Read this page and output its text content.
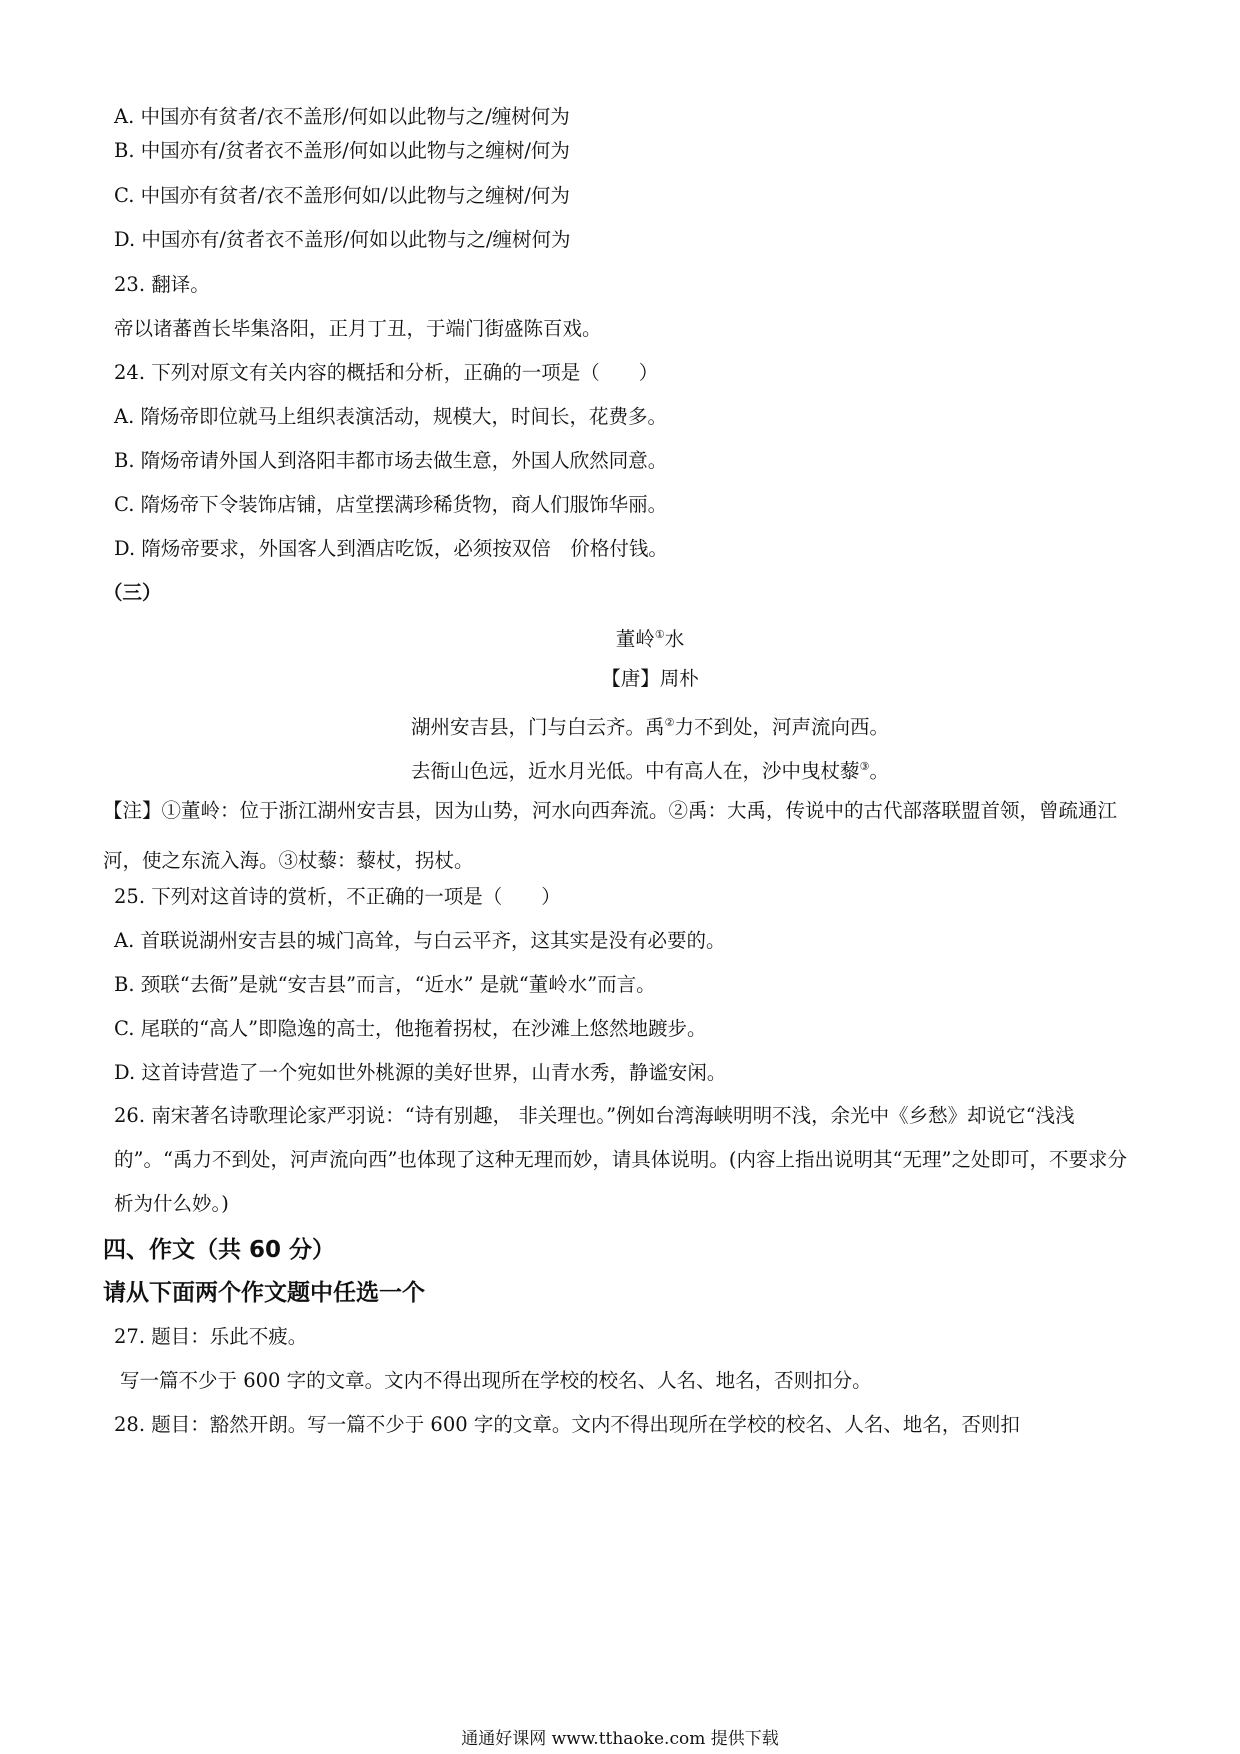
A. 中国亦有贫者/衣不盖形/何如以此物与之/缠树何为
B. 中国亦有/贫者衣不盖形/何如以此物与之缠树/何为
C. 中国亦有贫者/衣不盖形何如/以此物与之缠树/何为
D. 中国亦有/贫者衣不盖形/何如以此物与之/缠树何为
23. 翻译。
帝以诸蕃酋长毕集洛阳，正月丁丑，于端门街盛陈百戏。
24. 下列对原文有关内容的概括和分析，正确的一项是（　　）
A. 隋炀帝即位就马上组织表演活动，规模大，时间长，花费多。
B. 隋炀帝请外国人到洛阳丰都市场去做生意，外国人欣然同意。
C. 隋炀帝下令装饰店铺，店堂摆满珍稀货物，商人们服饰华丽。
D. 隋炀帝要求，外国客人到酒店吃饭，必须按双倍　价格付钱。
（三）
董岭①水
【唐】周朴
湖州安吉县，门与白云齐。禹②力不到处，河声流向西。
去衙山色远，近水月光低。中有高人在，沙中曳杖藜③。
【注】①董岭：位于浙江湖州安吉县，因为山势，河水向西奔流。②禹：大禹，传说中的古代部落联盟首领，曾疏通江河，使之东流入海。③杖藜：藜杖，拐杖。
25. 下列对这首诗的赏析，不正确的一项是（　　）
A. 首联说湖州安吉县的城门高耸，与白云平齐，这其实是没有必要的。
B. 颈联“去衙”是就“安吉县”而言，“近水” 是就“董岭水”而言。
C. 尾联的“高人”即隐逸的高士，他拖着拐杖，在沙滩上悠然地踱步。
D. 这首诗营造了一个宛如世外桃源的美好世界，山青水秀，静谧安闲。
26. 南宋著名诗歌理论家严羽说：“诗有别趣， 非关理也。”例如台湾海峡明明不浅，余光中《乡愁》却说它“浅浅的”。“禹力不到处，河声流向西”也体现了这种无理而妙，请具体说明。(内容上指出说明其“无理”之处即可，不要求分析为什么妙。)
四、作文（共 60 分）
请从下面两个作文题中任选一个
27. 题目：乐此不疲。
写一篇不少于 600 字的文章。文内不得出现所在学校的校名、人名、地名，否则扣分。
28. 题目：豁然开朗。写一篇不少于 600 字的文章。文内不得出现所在学校的校名、人名、地名，否则扣
通通好课网 www.tthaoke.com 提供下载
